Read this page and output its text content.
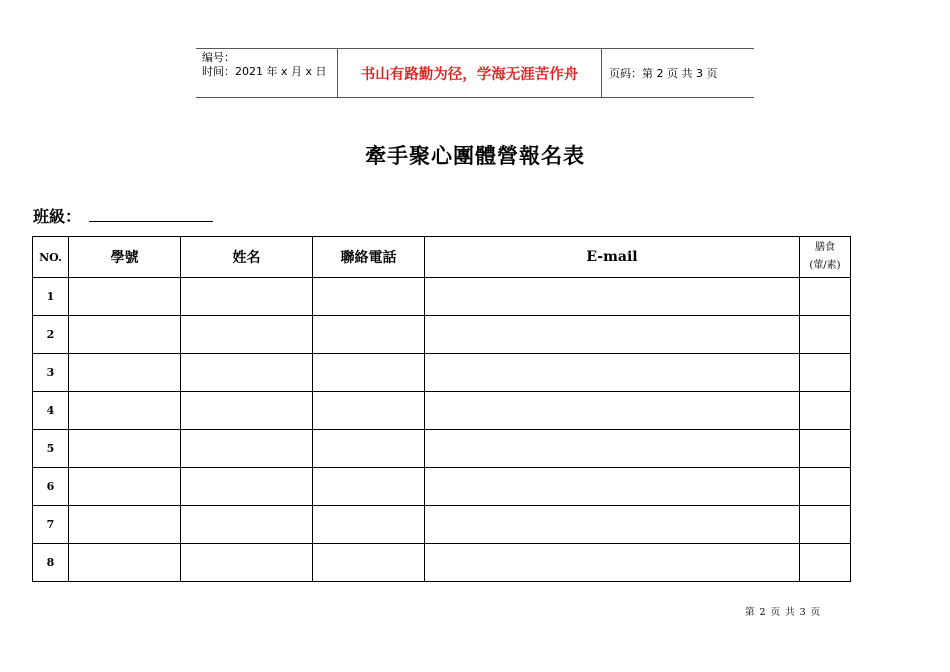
编号：
时间：2021 年 x 月 x 日	书山有路勤为径，学海无涯苦作舟	页码：第 2 页 共 3 页
牽手聚心團體營報名表
班級：
NO.	學號	姓名	聯絡電話	E-mail	膳食
(葷/素)
1					
2					
3					
4					
5					
6					
7					
8					
第 2 页 共 3 页
